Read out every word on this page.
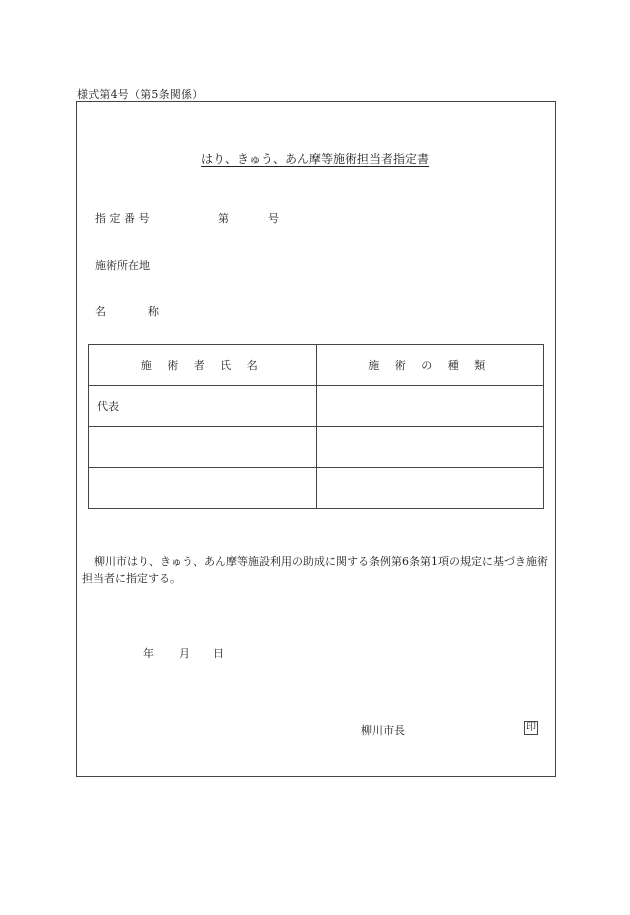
様式第4号（第5条関係）
はり、きゅう、あん摩等施術担当者指定書
指 定 番 号	第	号
施術所在地
名	称
施 術 者 氏 名	施 術 の 種 類
代表	

柳川市はり、きゅう、あん摩等施設利用の助成に関する条例第6条第1項の規定に基づき施術担当者に指定する。
年 月 日
柳川市長	印
